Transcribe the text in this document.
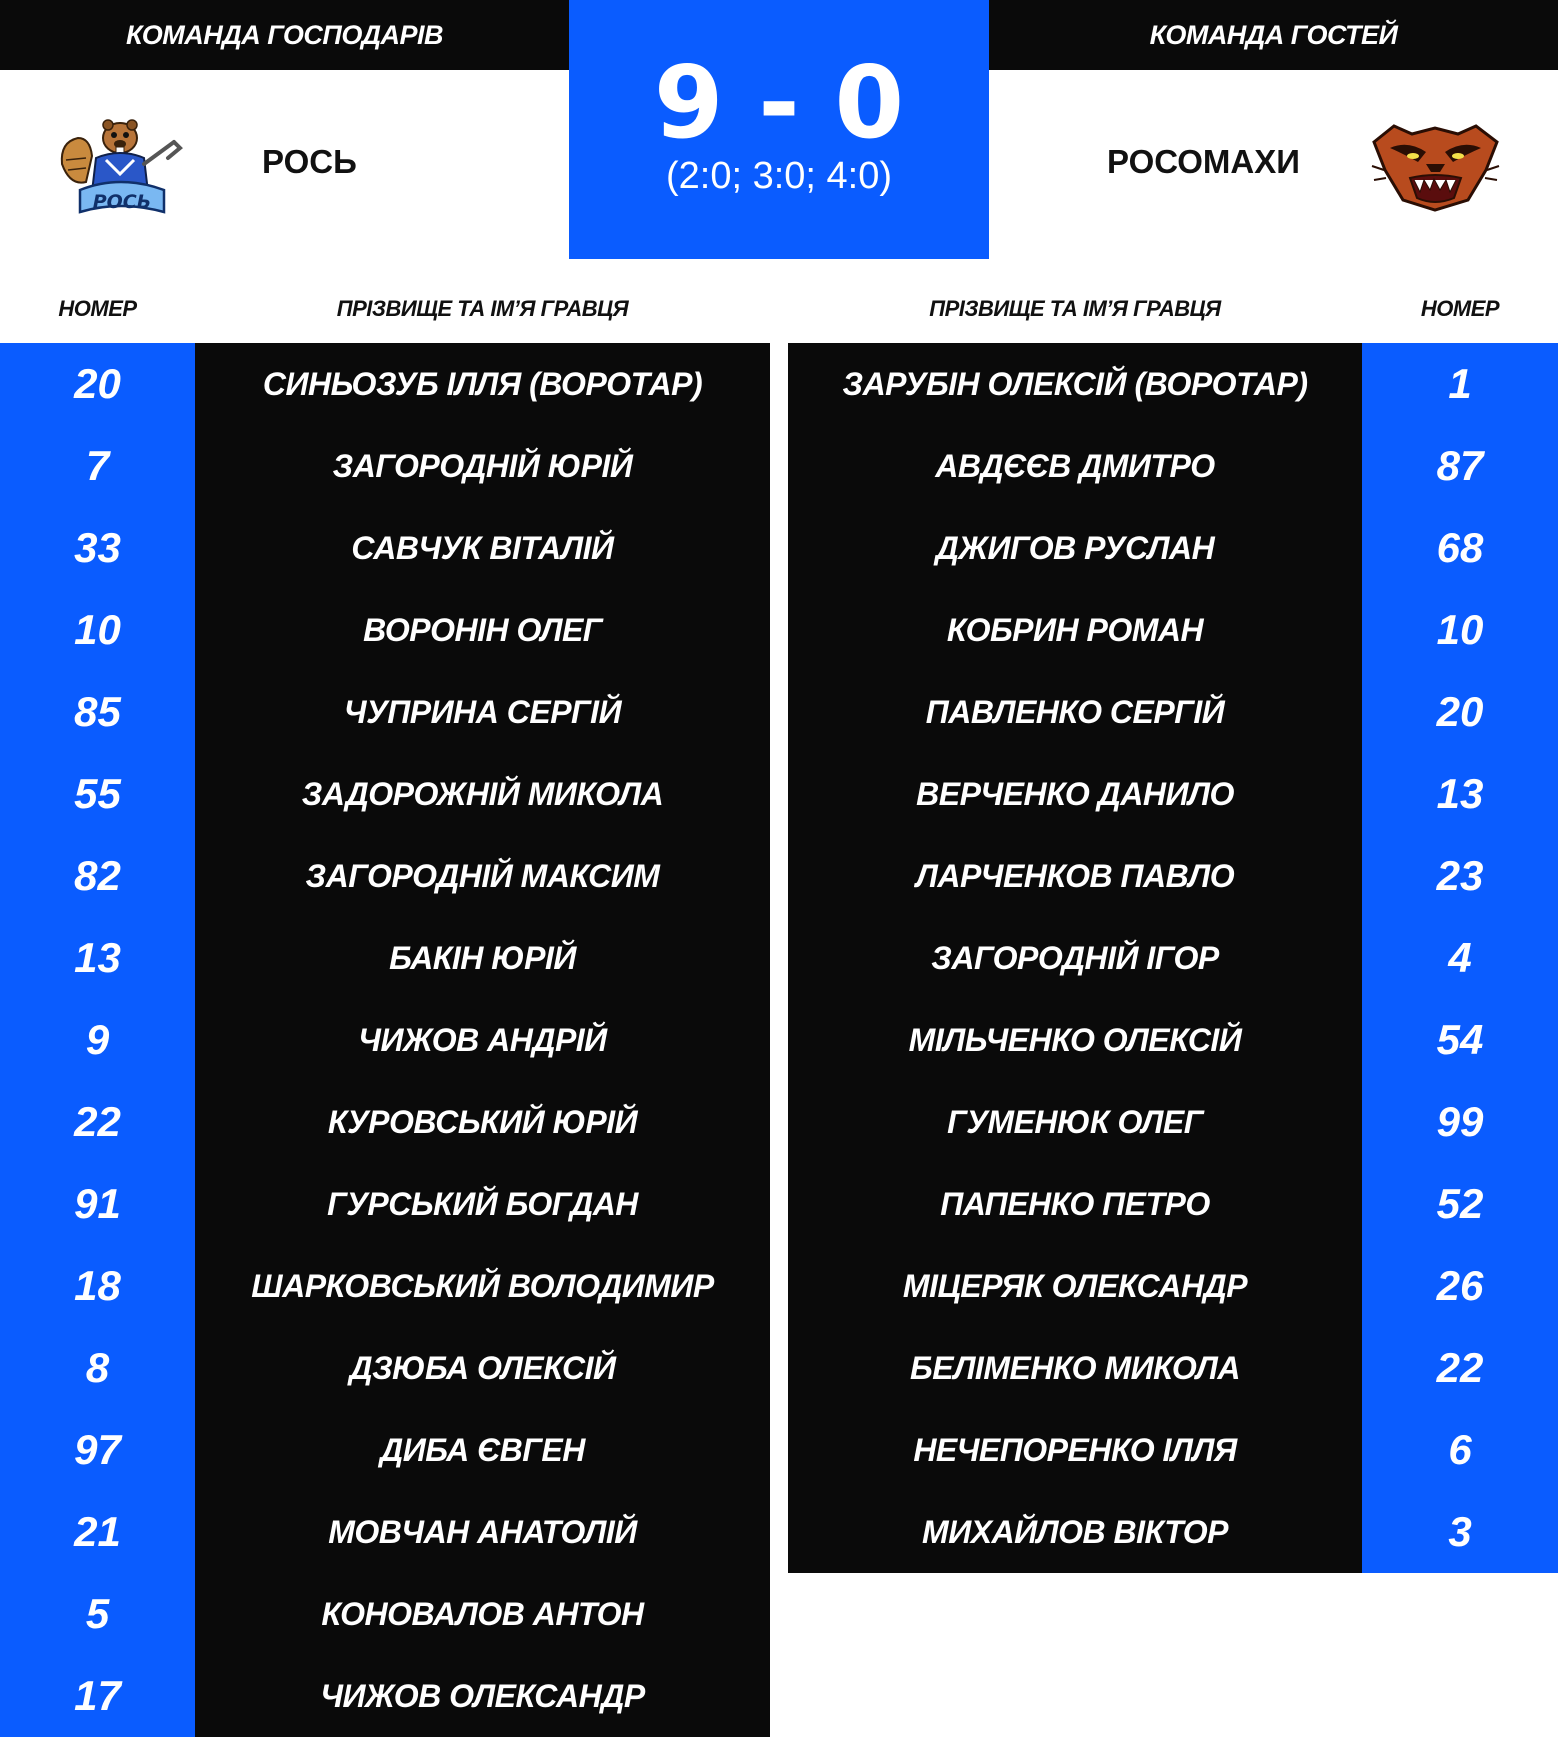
КОМАНДА ГОСПОДАРІВ	КОМАНДА ГОСТЕЙ
9 - 0
(2:0; 3:0; 4:0)
РОСЬ
РОСЬ	РОСОМАХИ
НОМЕР	ПРІЗВИЩЕ ТА ІМ’Я ГРАВЦЯ	ПРІЗВИЩЕ ТА ІМ’Я ГРАВЦЯ	НОМЕР
20	СИНЬОЗУБ ІЛЛЯ (ВОРОТАР)
7	ЗАГОРОДНІЙ ЮРІЙ
33	САВЧУК ВІТАЛІЙ
10	ВОРОНІН ОЛЕГ
85	ЧУПРИНА СЕРГІЙ
55	ЗАДОРОЖНІЙ МИКОЛА
82	ЗАГОРОДНІЙ МАКСИМ
13	БАКІН ЮРІЙ
9	ЧИЖОВ АНДРІЙ
22	КУРОВСЬКИЙ ЮРІЙ
91	ГУРСЬКИЙ БОГДАН
18	ШАРКОВСЬКИЙ ВОЛОДИМИР
8	ДЗЮБА ОЛЕКСІЙ
97	ДИБА ЄВГЕН
21	МОВЧАН АНАТОЛІЙ
5	КОНОВАЛОВ АНТОН
17	ЧИЖОВ ОЛЕКСАНДР
ЗАРУБІН ОЛЕКСІЙ (ВОРОТАР)	1
АВДЄЄВ ДМИТРО	87
ДЖИГОВ РУСЛАН	68
КОБРИН РОМАН	10
ПАВЛЕНКО СЕРГІЙ	20
ВЕРЧЕНКО ДАНИЛО	13
ЛАРЧЕНКОВ ПАВЛО	23
ЗАГОРОДНІЙ ІГОР	4
МІЛЬЧЕНКО ОЛЕКСІЙ	54
ГУМЕНЮК ОЛЕГ	99
ПАПЕНКО ПЕТРО	52
МІЦЕРЯК ОЛЕКСАНДР	26
БЕЛІМЕНКО МИКОЛА	22
НЕЧЕПОРЕНКО ІЛЛЯ	6
МИХАЙЛОВ ВІКТОР	3
